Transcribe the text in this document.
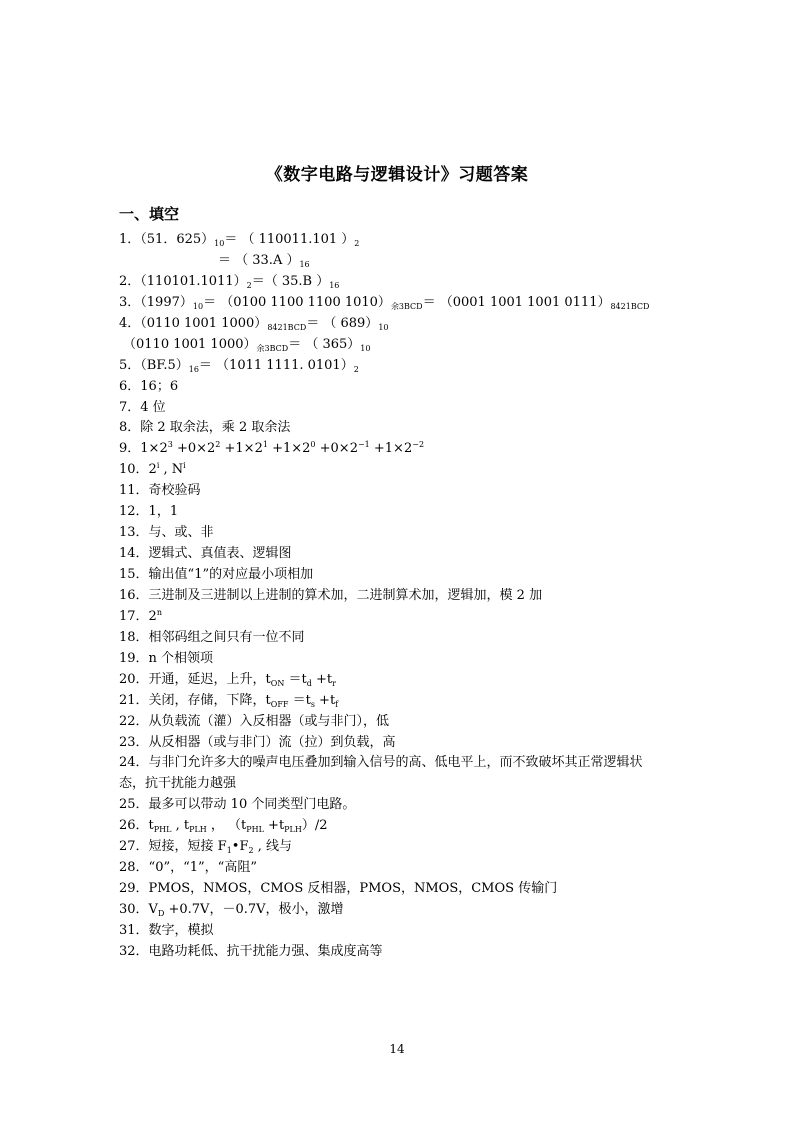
《数字电路与逻辑设计》习题答案
一、填空
1．（51．$625)_{10}=$ （ 110011.101 ）$_2$
＝ （ 33.A ）$_{16}$
2．$(110101.1011)_2=$（ 35.B ）$_{16}$
3．$(1997)_{10}= (0100$ 1100 1100 $1010)_{余3BCD}= (0001$ 1001 1001 $0111)_{8421BCD}$
4．（0110 1001 $1000)_{8421BCD}=$ （ $689)_{10}$
（0110 1001 $1000)_{余3BCD}=$ （ $365)_{10}$
5．$(BF.5)_{16}= (1011$ 1111. $0101)_2$
6．16；6
7．4 位
8．除 2 取余法，乘 2 取余法
9．$1\times 2^3 +0\times 2^2 +1\times 2^1 +1\times 2^0 +0\times 2^{-1} +1\times 2^{-2}$
10．2$^i$ , $N^i$
11．奇校验码
12．1，1
13．与、或、非
14．逻辑式、真值表、逻辑图
15．输出值“1”的对应最小项相加
16．三进制及三进制以上进制的算术加，二进制算术加，逻辑加，模 2 加
17．2$^n$
18．相邻码组之间只有一位不同
19．n 个相领项
20．开通，延迟，上升，$t_{ON} =t_d +t_r$
21．关闭，存储，下降，$t_{OFF} =t_s +t_f$
22．从负载流（灌）入反相器（或与非门），低
23．从反相器（或与非门）流（拉）到负载，高
24．与非门允许多大的噪声电压叠加到输入信号的高、低电平上，而不致破坏其正常逻辑状
态，抗干扰能力越强
25．最多可以带动 10 个同类型门电路。
26．$t_{PHL}$ , $t_{PLH}$ ， $(t_{PHL} +t_{PLH})/2$
27．短接，短接 $F_1•F_2$ , 线与
28．“0”，“1”，“高阻”
29．PMOS，NMOS，CMOS 反相器，PMOS，NMOS，CMOS 传输门
30．$V_D +0.7V$，－0.7V，极小，激增
31．数字，模拟
32．电路功耗低、抗干扰能力强、集成度高等
14
